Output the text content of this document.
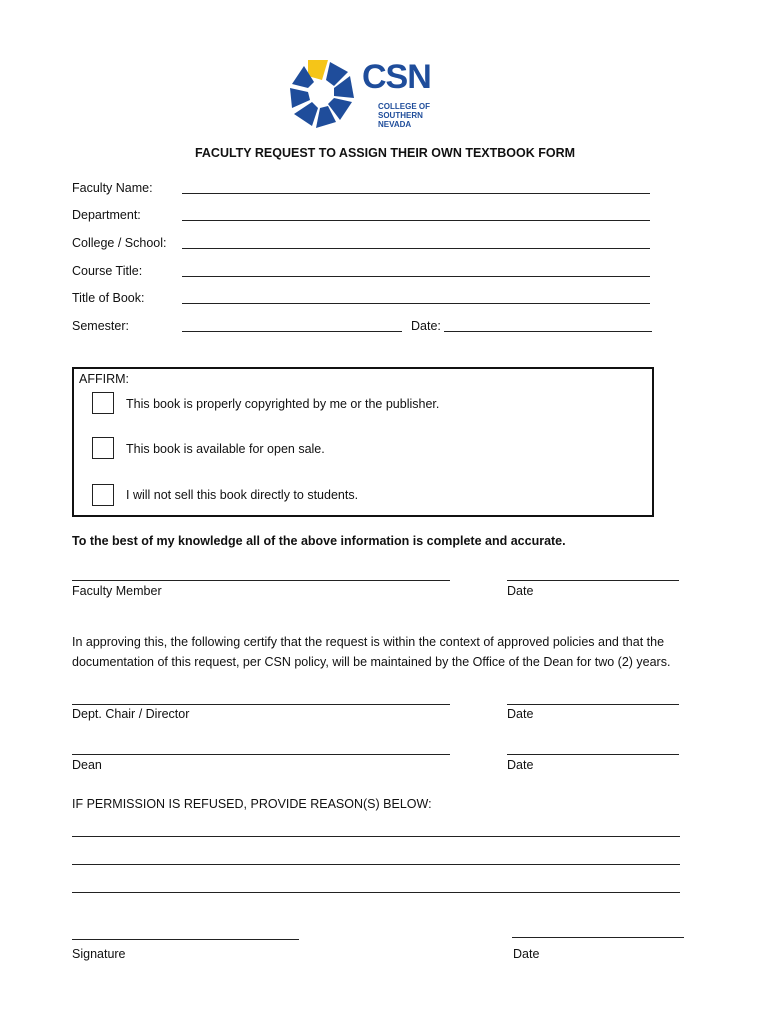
CSN
COLLEGE OF
SOUTHERN NEVADA
FACULTY REQUEST TO ASSIGN THEIR OWN TEXTBOOK FORM
Faculty Name:
Department:
College / School:
Course Title:
Title of Book:
Semester:	Date:
AFFIRM:
This book is properly copyrighted by me or the publisher.
This book is available for open sale.
I will not sell this book directly to students.
To the best of my knowledge all of the above information is complete and accurate.
Faculty Member	Date
In approving this, the following certify that the request is within the context of approved policies and that the documentation of this request, per CSN policy, will be maintained by the Office of the Dean for two (2) years.
Dept. Chair / Director	Date
Dean	Date
IF PERMISSION IS REFUSED, PROVIDE REASON(S) BELOW:
Signature	Date
